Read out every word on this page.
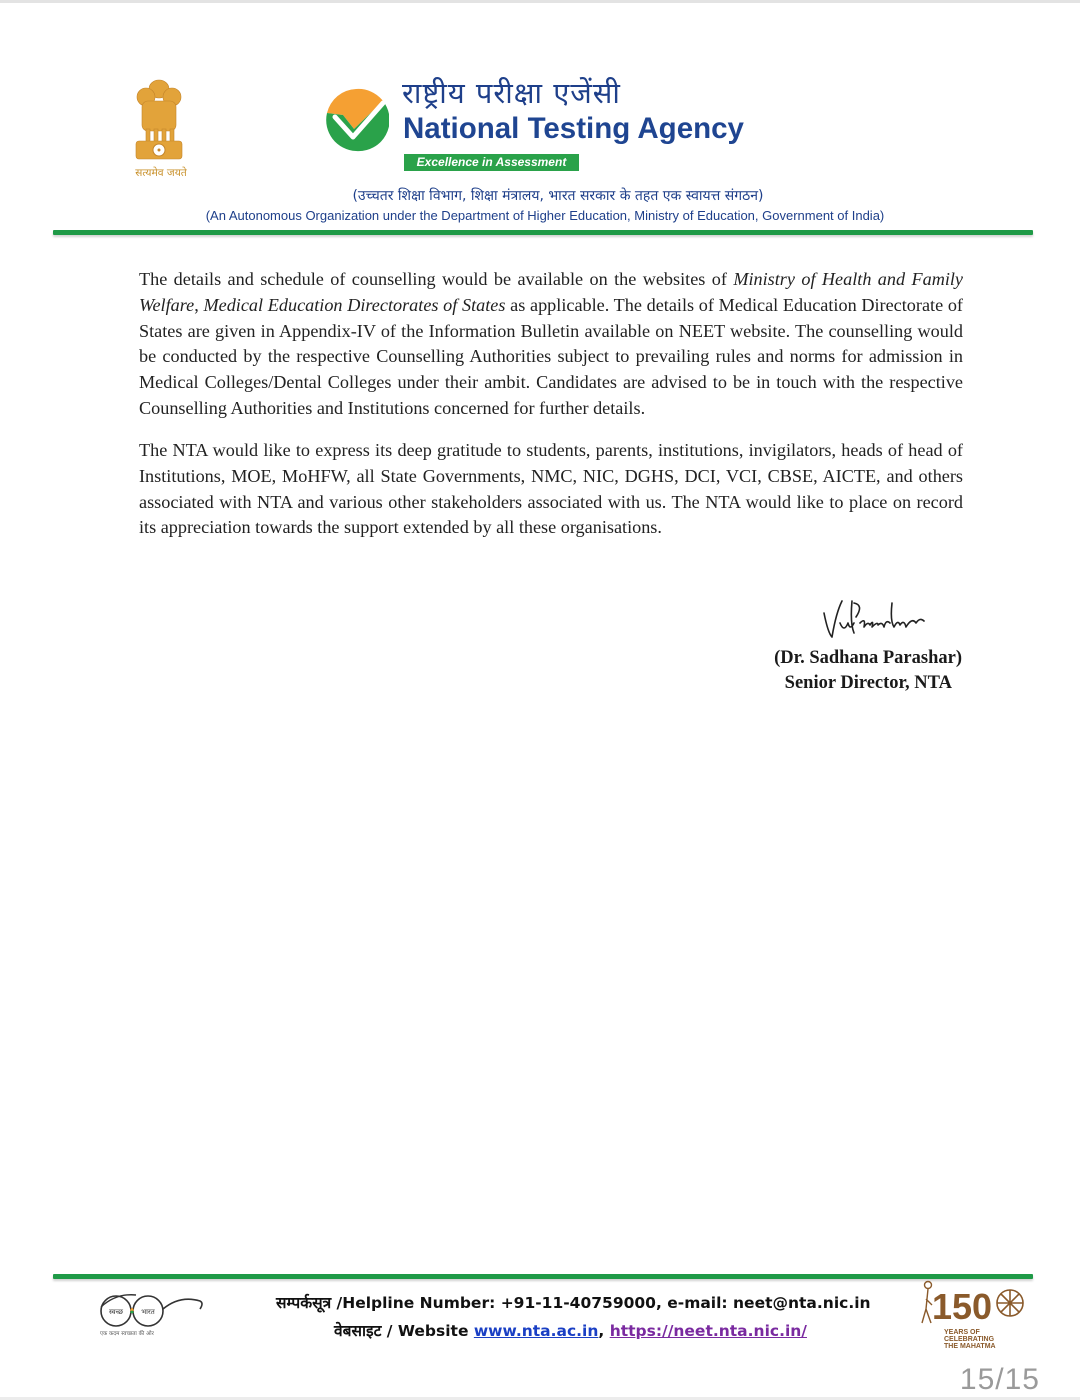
सत्यमेव जयते
राष्ट्रीय परीक्षा एजेंसी
National Testing Agency
Excellence in Assessment
(उच्चतर शिक्षा विभाग, शिक्षा मंत्रालय, भारत सरकार के तहत एक स्वायत्त संगठन)
(An Autonomous Organization under the Department of Higher Education, Ministry of Education, Government of India)
The details and schedule of counselling would be available on the websites of Ministry of Health and Family Welfare, Medical Education Directorates of States as applicable. The details of Medical Education Directorate of States are given in Appendix-IV of the Information Bulletin available on NEET website. The counselling would be conducted by the respective Counselling Authorities subject to prevailing rules and norms for admission in Medical Colleges/Dental Colleges under their ambit. Candidates are advised to be in touch with the respective Counselling Authorities and Institutions concerned for further details.
The NTA would like to express its deep gratitude to students, parents, institutions, invigilators, heads of head of Institutions, MOE, MoHFW, all State Governments, NMC, NIC, DGHS, DCI, VCI, CBSE, AICTE, and others associated with NTA and various other stakeholders associated with us. The NTA would like to place on record its appreciation towards the support extended by all these organisations.
(Dr. Sadhana Parashar)
Senior Director, NTA
स्वच्छ	भारत
एक कदम स्वच्छता की ओर
सम्पर्कसूत्र /Helpline Number: +91-11-40759000, e-mail: neet@nta.nic.in
वेबसाइट / Website www.nta.ac.in, https://neet.nta.nic.in/
150
YEARS OF
CELEBRATING
THE MAHATMA
15/15
